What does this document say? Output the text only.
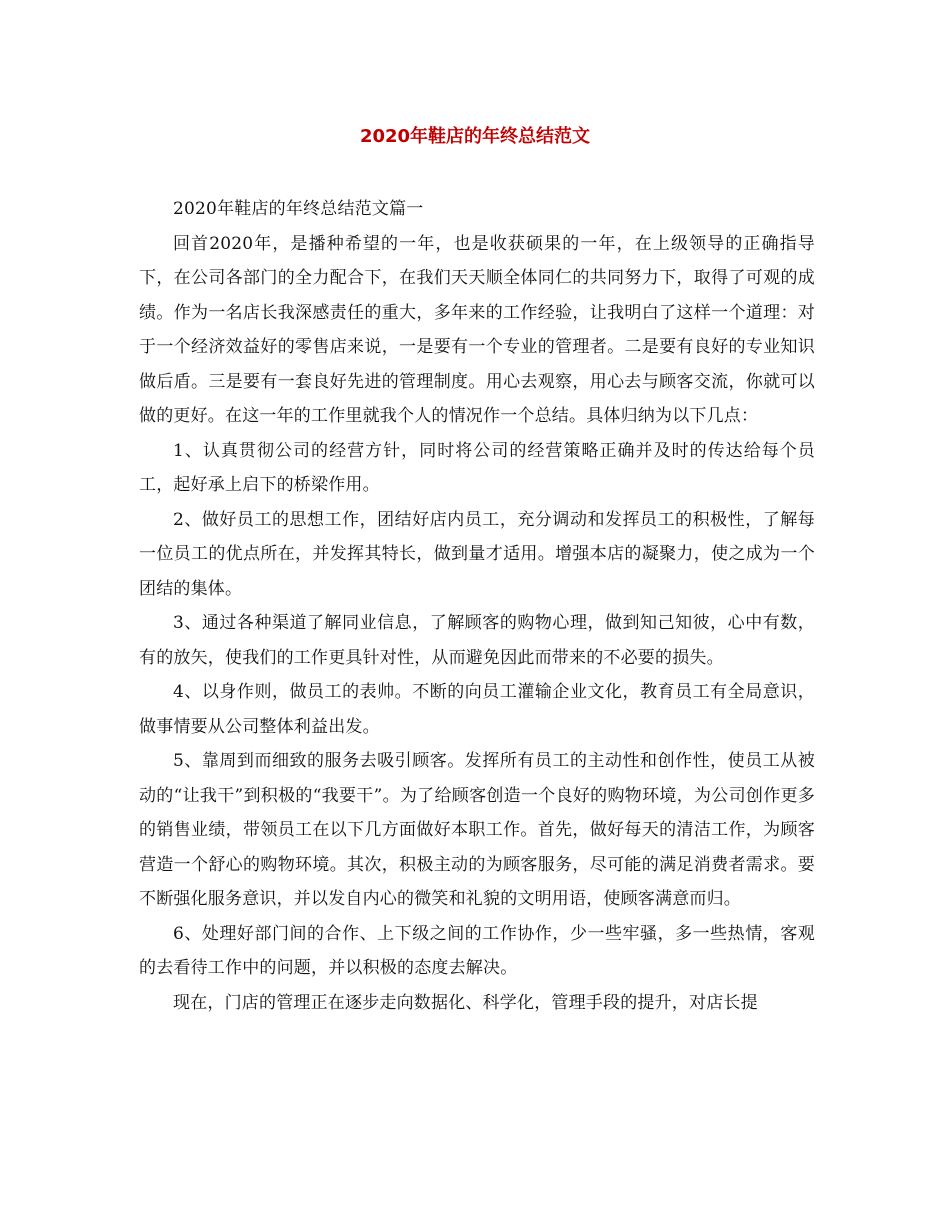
2020年鞋店的年终总结范文

2020年鞋店的年终总结范文篇一

回首2020年，是播种希望的一年，也是收获硕果的一年，在上级领导的正确指导下，在公司各部门的全力配合下，在我们天天顺全体同仁的共同努力下，取得了可观的成绩。作为一名店长我深感责任的重大，多年来的工作经验，让我明白了这样一个道理：对于一个经济效益好的零售店来说，一是要有一个专业的管理者。二是要有良好的专业知识做后盾。三是要有一套良好先进的管理制度。用心去观察，用心去与顾客交流，你就可以做的更好。在这一年的工作里就我个人的情况作一个总结。具体归纳为以下几点：

1、认真贯彻公司的经营方针，同时将公司的经营策略正确并及时的传达给每个员工，起好承上启下的桥梁作用。

2、做好员工的思想工作，团结好店内员工，充分调动和发挥员工的积极性，了解每一位员工的优点所在，并发挥其特长，做到量才适用。增强本店的凝聚力，使之成为一个团结的集体。

3、通过各种渠道了解同业信息，了解顾客的购物心理，做到知己知彼，心中有数，有的放矢，使我们的工作更具针对性，从而避免因此而带来的不必要的损失。

4、以身作则，做员工的表帅。不断的向员工灌输企业文化，教育员工有全局意识，做事情要从公司整体利益出发。

5、靠周到而细致的服务去吸引顾客。发挥所有员工的主动性和创作性，使员工从被动的“让我干”到积极的“我要干”。为了给顾客创造一个良好的购物环境，为公司创作更多的销售业绩，带领员工在以下几方面做好本职工作。首先，做好每天的清洁工作，为顾客营造一个舒心的购物环境。其次，积极主动的为顾客服务，尽可能的满足消费者需求。要不断强化服务意识，并以发自内心的微笑和礼貌的文明用语，使顾客满意而归。

6、处理好部门间的合作、上下级之间的工作协作，少一些牢骚，多一些热情，客观的去看待工作中的问题，并以积极的态度去解决。

现在，门店的管理正在逐步走向数据化、科学化，管理手段的提升，对店长提
